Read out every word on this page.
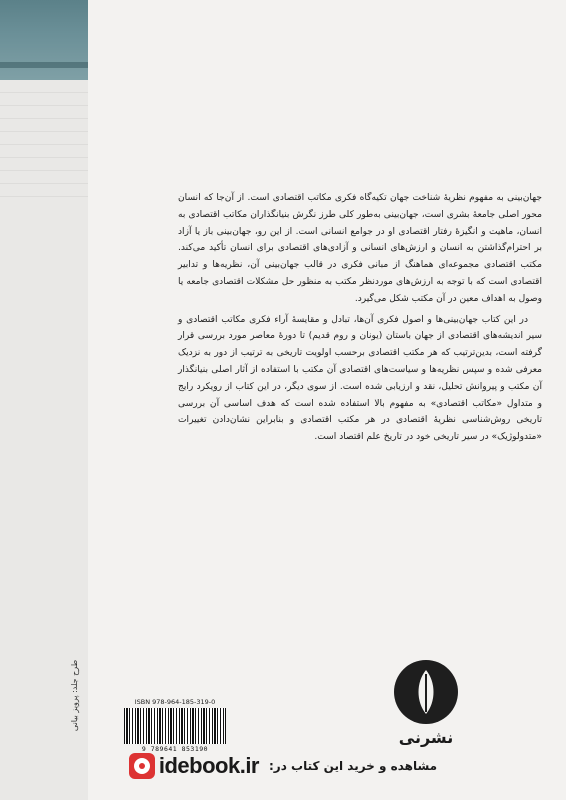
جهان‌بینی به مفهوم نظریهٔ شناخت جهان تکیه‌گاه فکری مکاتب اقتصادی است. از آن‌جا که انسان محور اصلی جامعهٔ بشری است، جهان‌بینی به‌طور کلی طرز نگرش بنیانگذاران مکاتب اقتصادی به انسان، ماهیت و انگیزهٔ رفتار اقتصادی او در جوامع انسانی است. از این رو، جهان‌بینی باز یا آزاد بر احترام‌گذاشتن به انسان و ارزش‌های انسانی و آزادی‌های اقتصادی برای انسان تأکید می‌کند. مکتب اقتصادی مجموعه‌ای هماهنگ از مبانی فکری در قالب جهان‌بینی آن، نظریه‌ها و تدابیر اقتصادی است که با توجه به ارزش‌های موردنظر مکتب به منظور حل مشکلات اقتصادی جامعه یا وصول به اهداف معین در آن مکتب شکل می‌گیرد.

در این کتاب جهان‌بینی‌ها و اصول فکری آن‌ها، تبادل و مقایسهٔ آراء فکری مکاتب اقتصادی و سیر اندیشه‌های اقتصادی از جهان باستان (یونان و روم قدیم) تا دورهٔ معاصر مورد بررسی قرار گرفته است، بدین‌ترتیب که هر مکتب اقتصادی برحسب اولویت تاریخی به ترتیب از دور به نزدیک معرفی شده و سپس نظریه‌ها و سیاست‌های اقتصادی آن مکتب با استفاده از آثار اصلی بنیانگذار آن مکتب و پیروانش تحلیل، نقد و ارزیابی شده است. از سوی دیگر، در این کتاب از رویکرد رایج و متداول «مکاتب اقتصادی» به مفهوم بالا استفاده شده است که هدف اساسی آن بررسی تاریخی روش‌شناسی نظریهٔ اقتصادی در هر مکتب اقتصادی و بنابراین نشان‌دادن تغییرات «متدولوژیک» در سیر تاریخی خود در تاریخ علم اقتصاد است.

طرح جلد: پرویز بیانی	ISBN 978-964-185-319-0
9 789641 853190
نشرنی
idebook.ir مشاهده و خرید این کتاب در:
